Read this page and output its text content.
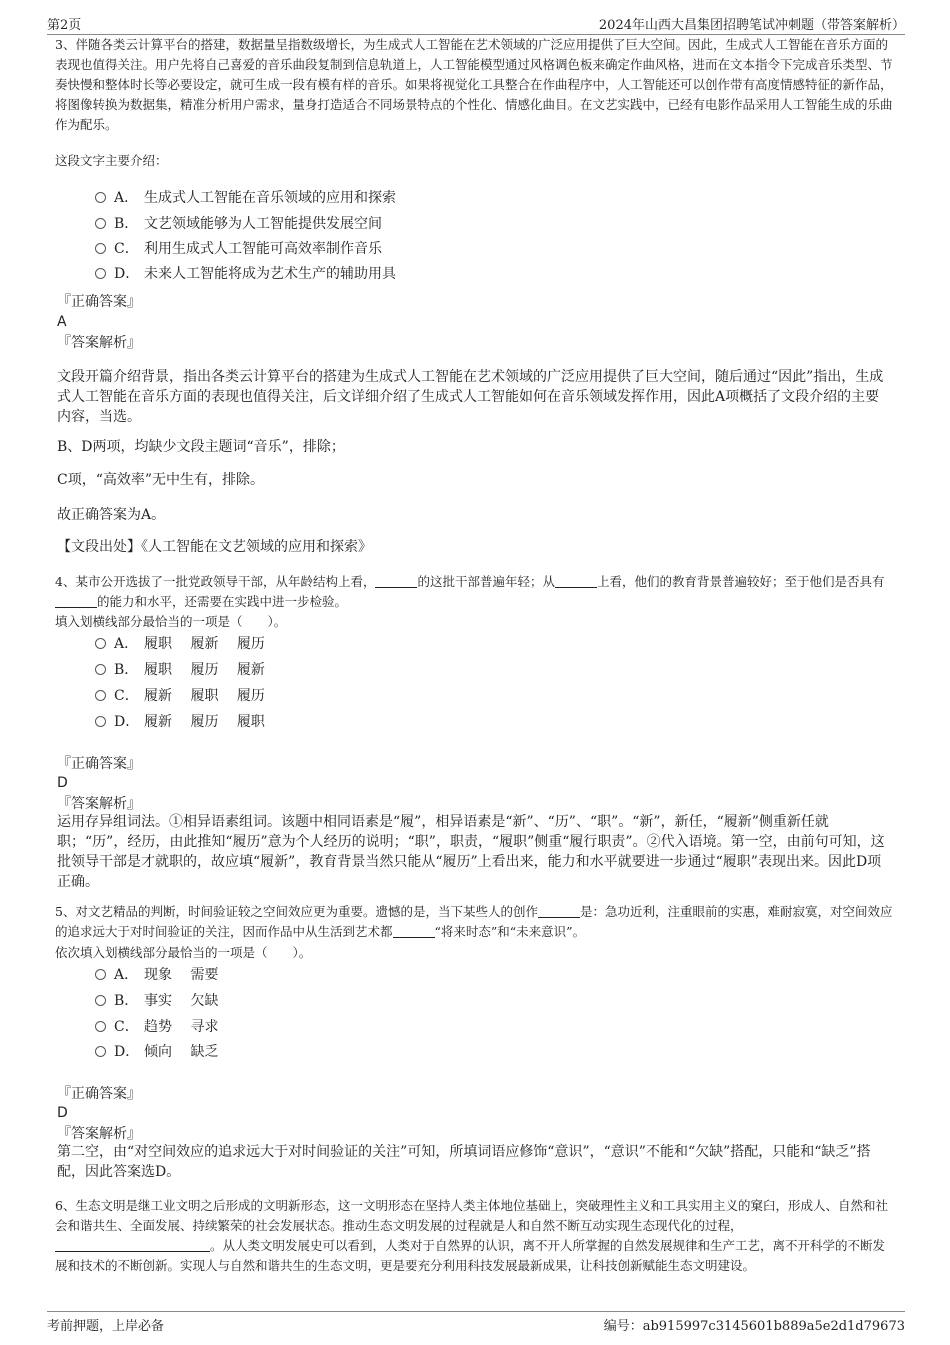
第2页	2024年山西大昌集团招聘笔试冲刺题（带答案解析）

3、伴随各类云计算平台的搭建，数据量呈指数级增长，为生成式人工智能在艺术领域的广泛应用提供了巨大空间。因此，生成式人工智能在音乐方面的表现也值得关注。用户先将自己喜爱的音乐曲段复制到信息轨道上，人工智能模型通过风格调色板来确定作曲风格，进而在文本指令下完成音乐类型、节奏快慢和整体时长等必要设定，就可生成一段有模有样的音乐。如果将视觉化工具整合在作曲程序中，人工智能还可以创作带有高度情感特征的新作品，将图像转换为数据集，精准分析用户需求，量身打造适合不同场景特点的个性化、情感化曲目。在文艺实践中，已经有电影作品采用人工智能生成的乐曲作为配乐。

这段文字主要介绍：
A． 生成式人工智能在音乐领域的应用和探索
B． 文艺领域能够为人工智能提供发展空间
C． 利用生成式人工智能可高效率制作音乐
D． 未来人工智能将成为艺术生产的辅助用具
『正确答案』
A
『答案解析』

文段开篇介绍背景，指出各类云计算平台的搭建为生成式人工智能在艺术领域的广泛应用提供了巨大空间，随后通过“因此”指出，生成式人工智能在音乐方面的表现也值得关注，后文详细介绍了生成式人工智能如何在音乐领域发挥作用，因此A项概括了文段介绍的主要内容，当选。

B、D两项，均缺少文段主题词“音乐”，排除；

C项，“高效率”无中生有，排除。

故正确答案为A。

【文段出处】《人工智能在文艺领域的应用和探索》

4、某市公开选拔了一批党政领导干部，从年龄结构上看，	的这批干部普遍年轻；从	上看，他们的教育背景普遍较好；至于他们是否具有的能力和水平，还需要在实践中进一步检验。

填入划横线部分最恰当的一项是（　　）。
A． 履职　 履新　 履历
B． 履职　 履历　 履新
C． 履新　 履职　 履历
D． 履新　 履历　 履职
『正确答案』
D
『答案解析』

运用存异组词法。①相异语素组词。该题中相同语素是“履”，相异语素是“新”、“历”、“职”。“新”，新任，“履新”侧重新任就职；“历”，经历，由此推知“履历”意为个人经历的说明；“职”，职责，“履职”侧重“履行职责”。②代入语境。第一空，由前句可知，这批领导干部是才就职的，故应填“履新”，教育背景当然只能从“履历”上看出来，能力和水平就要进一步通过“履职”表现出来。因此D项正确。

5、对文艺精品的判断，时间验证较之空间效应更为重要。遗憾的是，当下某些人的创作	是：急功近利，注重眼前的实惠，难耐寂寞，对空间效应的追求远大于对时间验证的关注，因而作品中从生活到艺术都	“将来时态”和“未来意识”。

依次填入划横线部分最恰当的一项是（　　）。
A． 现象　 需要
B． 事实　 欠缺
C． 趋势　 寻求
D． 倾向　 缺乏
『正确答案』
D
『答案解析』

第二空，由“对空间效应的追求远大于对时间验证的关注”可知，所填词语应修饰“意识”，“意识”不能和“欠缺”搭配，只能和“缺乏”搭配，因此答案选D。

6、生态文明是继工业文明之后形成的文明新形态，这一文明形态在坚持人类主体地位基础上，突破理性主义和工具实用主义的窠臼，形成人、自然和社会和谐共生、全面发展、持续繁荣的社会发展状态。推动生态文明发展的过程就是人和自然不断互动实现生态现代化的过程，。从人类文明发展史可以看到，人类对于自然界的认识，离不开人所掌握的自然发展规律和生产工艺，离不开科学的不断发展和技术的不断创新。实现人与自然和谐共生的生态文明，更是要充分利用科技发展最新成果，让科技创新赋能生态文明建设。

考前押题，上岸必备	编号：ab915997c3145601b889a5e2d1d79673
